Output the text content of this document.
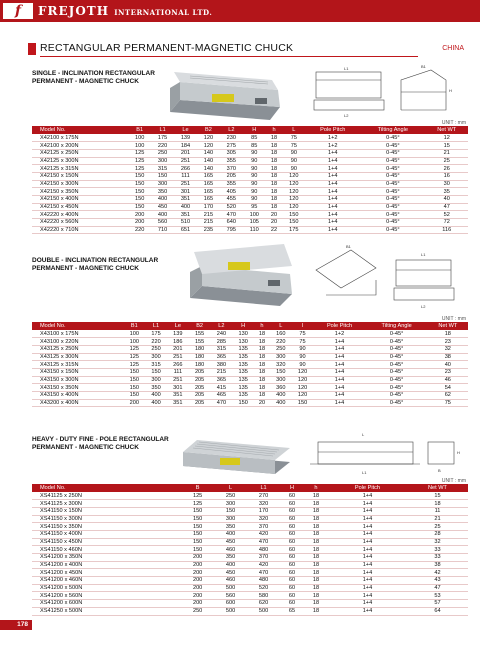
f FREJOTH INTERNATIONAL LTD.
RECTANGULAR PERMANENT-MAGNETIC CHUCK	CHINA
SINGLE - INCLINATION RECTANGULAR
PERMANENT - MAGNETIC CHUCK
L1
L2
B1
H
UNIT : mm
Model No.	B1	L1	Le	B2	L2	H	h	L	Pole Pitch	Tilting Angle	Net WT
X42100 x 175N	100	175	139	120	230	85	18	75	1+2	0-45°	12
X42100 x 200N	100	220	184	120	275	85	18	75	1+2	0-45°	15
X42125 x 250N	125	250	201	140	305	90	18	90	1+4	0-45°	21
X42125 x 300N	125	300	251	140	355	90	18	90	1+4	0-45°	25
X42125 x 315N	125	315	266	140	370	90	18	90	1+4	0-45°	26
X42150 x 150N	150	150	111	165	205	90	18	120	1+4	0-45°	16
X42150 x 300N	150	300	251	165	355	90	18	120	1+4	0-45°	30
X42150 x 350N	150	350	301	165	405	90	18	120	1+4	0-45°	35
X42150 x 400N	150	400	351	165	455	90	18	120	1+4	0-45°	40
X42150 x 450N	150	450	400	170	520	95	18	120	1+4	0-45°	47
X42220 x 400N	200	400	351	215	470	100	20	150	1+4	0-45°	52
X42220 x 560N	200	560	510	215	640	105	20	150	1+4	0-45°	72
X42220 x 710N	220	710	651	235	795	110	22	175	1+4	0-45°	116
DOUBLE - INCLINATION RECTANGULAR
PERMANENT - MAGNETIC CHUCK
B1
L1
L2
UNIT : mm
Model No.	B1	L1	Le	B2	L2	H	h	L	l	Pole Pitch	Tilting Angle	Net WT
X43100 x 175N	100	175	139	155	240	130	18	160	75	1+2	0-45°	18
X43100 x 220N	100	220	186	155	285	130	18	220	75	1+4	0-45°	23
X43125 x 250N	125	250	201	180	315	135	18	250	90	1+4	0-45°	32
X43125 x 300N	125	300	251	180	365	135	18	300	90	1+4	0-45°	38
X43125 x 315N	125	315	266	180	380	135	18	320	90	1+4	0-45°	40
X43150 x 150N	150	150	111	205	215	135	18	150	120	1+4	0-45°	23
X43150 x 300N	150	300	251	205	365	135	18	300	120	1+4	0-45°	46
X43150 x 350N	150	350	301	205	415	135	18	360	120	1+4	0-45°	54
X43150 x 400N	150	400	351	205	465	135	18	400	120	1+4	0-45°	62
X43200 x 400N	200	400	351	205	470	150	20	400	150	1+4	0-45°	75
HEAVY - DUTY FINE - POLE RECTANGULAR
PERMANENT - MAGNETIC CHUCK
L
L1	B
H
UNIT : mm
Model No.	B	L	L1	H	h	Pole Pitch	Net WT
XS41125 x 250N	125	250	270	60	18	1+4	15
XS41125 x 300N	125	300	320	60	18	1+4	18
XS41150 x 150N	150	150	170	60	18	1+4	11
XS41150 x 300N	150	300	320	60	18	1+4	21
XS41150 x 350N	150	350	370	60	18	1+4	25
XS41150 x 400N	150	400	420	60	18	1+4	28
XS41150 x 450N	150	450	470	60	18	1+4	32
XS41150 x 460N	150	460	480	60	18	1+4	33
XS41200 x 350N	200	350	370	60	18	1+4	33
XS41200 x 400N	200	400	420	60	18	1+4	38
XS41200 x 450N	200	450	470	60	18	1+4	42
XS41200 x 460N	200	460	480	60	18	1+4	43
XS41200 x 500N	200	500	520	60	18	1+4	47
XS41200 x 560N	200	560	580	60	18	1+4	53
XS41200 x 600N	200	600	620	60	18	1+4	57
XS41250 x 500N	250	500	500	65	18	1+4	64
178
